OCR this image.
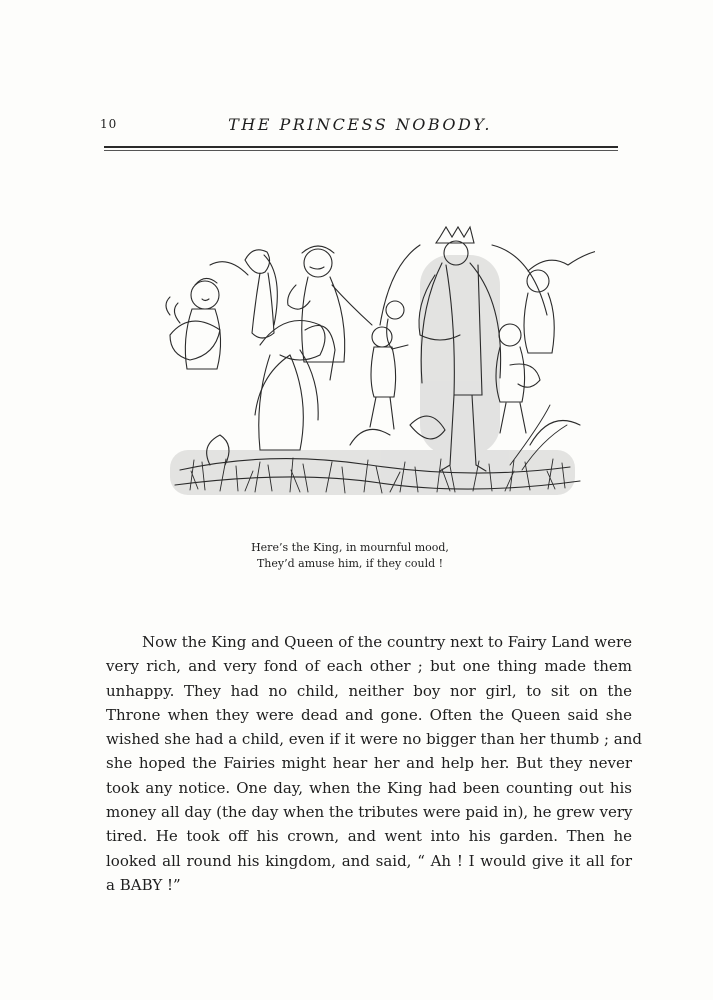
10	THE PRINCESS NOBODY.
Here’s the King, in mournful mood,
They’d amuse him, if they could !
Now the King and Queen of the country next to Fairy Land were
very rich, and very fond of each other ; but one thing made them
unhappy. They had no child, neither boy nor girl, to sit on the
Throne when they were dead and gone. Often the Queen said she
wished she had a child, even if it were no bigger than her thumb ; and
she hoped the Fairies might hear her and help her. But they never
took any notice. One day, when the King had been counting out his
money all day (the day when the tributes were paid in), he grew very
tired. He took off his crown, and went into his garden. Then he
looked all round his kingdom, and said, “ Ah ! I would give it all for
a BABY !”
